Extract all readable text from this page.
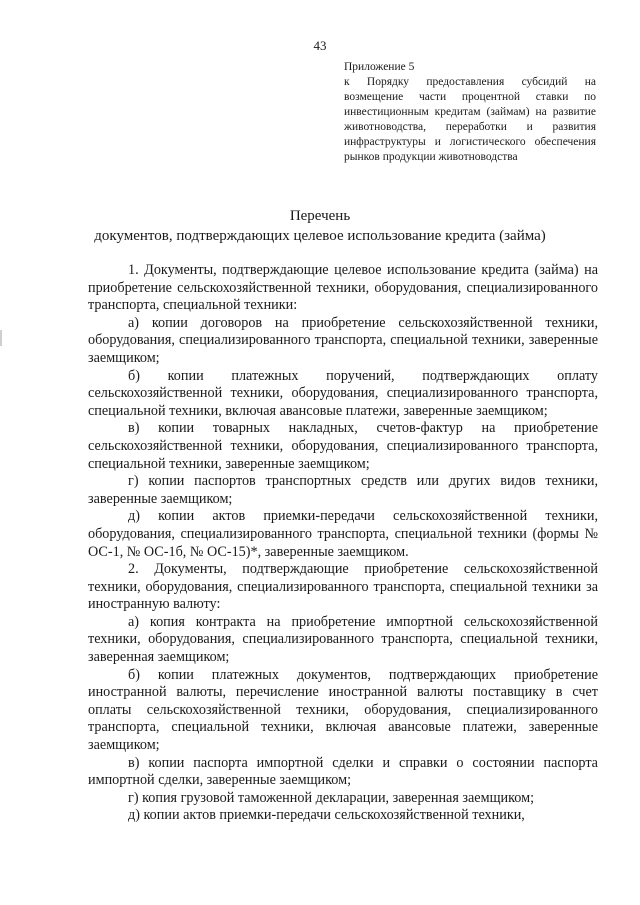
43
Приложение 5
к Порядку предоставления субсидий на возмещение части процентной ставки по инвестиционным кредитам (займам) на развитие животноводства, переработки и развития инфраструктуры и логистического обеспечения рынков продукции животноводства
Перечень
документов, подтверждающих целевое использование кредита (займа)

1. Документы, подтверждающие целевое использование кредита (займа) на приобретение сельскохозяйственной техники, оборудования, специализированного транспорта, специальной техники:

а) копии договоров на приобретение сельскохозяйственной техники, оборудования, специализированного транспорта, специальной техники, заверенные заемщиком;

б) копии платежных поручений, подтверждающих оплату сельскохозяйственной техники, оборудования, специализированного транспорта, специальной техники, включая авансовые платежи, заверенные заемщиком;

в) копии товарных накладных, счетов-фактур на приобретение сельскохозяйственной техники, оборудования, специализированного транспорта, специальной техники, заверенные заемщиком;

г) копии паспортов транспортных средств или других видов техники, заверенные заемщиком;

д) копии актов приемки-передачи сельскохозяйственной техники, оборудования, специализированного транспорта, специальной техники (формы № ОС-1, № ОС-1б, № ОС-15)*, заверенные заемщиком.

2. Документы, подтверждающие приобретение сельскохозяйственной техники, оборудования, специализированного транспорта, специальной техники за иностранную валюту:

а) копия контракта на приобретение импортной сельскохозяйственной техники, оборудования, специализированного транспорта, специальной техники, заверенная заемщиком;

б) копии платежных документов, подтверждающих приобретение иностранной валюты, перечисление иностранной валюты поставщику в счет оплаты сельскохозяйственной техники, оборудования, специализированного транспорта, специальной техники, включая авансовые платежи, заверенные заемщиком;

в) копии паспорта импортной сделки и справки о состоянии паспорта импортной сделки, заверенные заемщиком;

г) копия грузовой таможенной декларации, заверенная заемщиком;

д) копии актов приемки-передачи сельскохозяйственной техники,
